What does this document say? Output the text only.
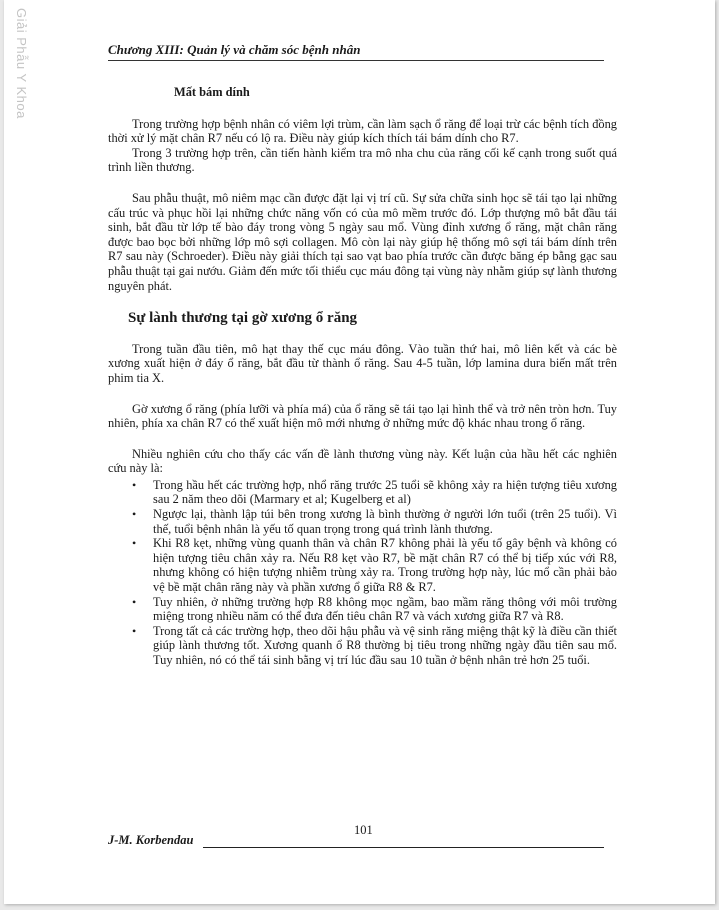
Giải Phẫu Y Khoa	Chương XIII: Quản lý và chăm sóc bệnh nhân

Mất bám dính

Trong trường hợp bệnh nhân có viêm lợi trùm, cần làm sạch ổ răng để loại trừ các bệnh tích đồng thời xử lý mặt chân R7 nếu có lộ ra. Điều này giúp kích thích tái bám dính cho R7.

Trong 3 trường hợp trên, cần tiến hành kiểm tra mô nha chu của răng cối kế cạnh trong suốt quá trình liền thương.

Sau phẫu thuật, mô niêm mạc cần được đặt lại vị trí cũ. Sự sửa chữa sinh học sẽ tái tạo lại những cấu trúc và phục hồi lại những chức năng vốn có của mô mềm trước đó. Lớp thượng mô bắt đầu tái sinh, bắt đầu từ lớp tế bào đáy trong vòng 5 ngày sau mổ. Vùng đỉnh xương ổ răng, mặt chân răng được bao bọc bởi những lớp mô sợi collagen. Mô còn lại này giúp hệ thống mô sợi tái bám dính trên R7 sau này (Schroeder). Điều này giải thích tại sao vạt bao phía trước cần được băng ép bằng gạc sau phẫu thuật tại gai nướu. Giảm đến mức tối thiểu cục máu đông tại vùng này nhằm giúp sự lành thương nguyên phát.

Sự lành thương tại gờ xương ổ răng

Trong tuần đầu tiên, mô hạt thay thế cục máu đông. Vào tuần thứ hai, mô liên kết và các bè xương xuất hiện ở đáy ổ răng, bắt đầu từ thành ổ răng. Sau 4-5 tuần, lớp lamina dura biến mất trên phim tia X.

Gờ xương ổ răng (phía lưỡi và phía má) của ổ răng sẽ tái tạo lại hình thể và trở nên tròn hơn. Tuy nhiên, phía xa chân R7 có thể xuất hiện mô mới nhưng ở những mức độ khác nhau trong ổ răng.

Nhiều nghiên cứu cho thấy các vấn đề lành thương vùng này. Kết luận của hầu hết các nghiên cứu này là:

• Trong hầu hết các trường hợp, nhổ răng trước 25 tuổi sẽ không xảy ra hiện tượng tiêu xương sau 2 năm theo dõi (Marmary et al; Kugelberg et al)
• Ngược lại, thành lập túi bên trong xương là bình thường ở người lớn tuổi (trên 25 tuổi). Vì thế, tuổi bệnh nhân là yếu tố quan trọng trong quá trình lành thương.
• Khi R8 kẹt, những vùng quanh thân và chân R7 không phải là yếu tố gây bệnh và không có hiện tượng tiêu chân xảy ra. Nếu R8 kẹt vào R7, bề mặt chân R7 có thể bị tiếp xúc với R8, nhưng không có hiện tượng nhiễm trùng xảy ra. Trong trường hợp này, lúc mổ cần phải bảo vệ bề mặt chân răng này và phần xương ổ giữa R8 & R7.
• Tuy nhiên, ở những trường hợp R8 không mọc ngầm, bao mầm răng thông với môi trường miệng trong nhiều năm có thể đưa đến tiêu chân R7 và vách xương giữa R7 và R8.
• Trong tất cả các trường hợp, theo dõi hậu phẫu và vệ sinh răng miệng thật kỹ là điều cần thiết giúp lành thương tốt. Xương quanh ổ R8 thường bị tiêu trong những ngày đầu tiên sau mổ. Tuy nhiên, nó có thể tái sinh bằng vị trí lúc đầu sau 10 tuần ở bệnh nhân trẻ hơn 25 tuổi.
101
J-M. Korbendau
